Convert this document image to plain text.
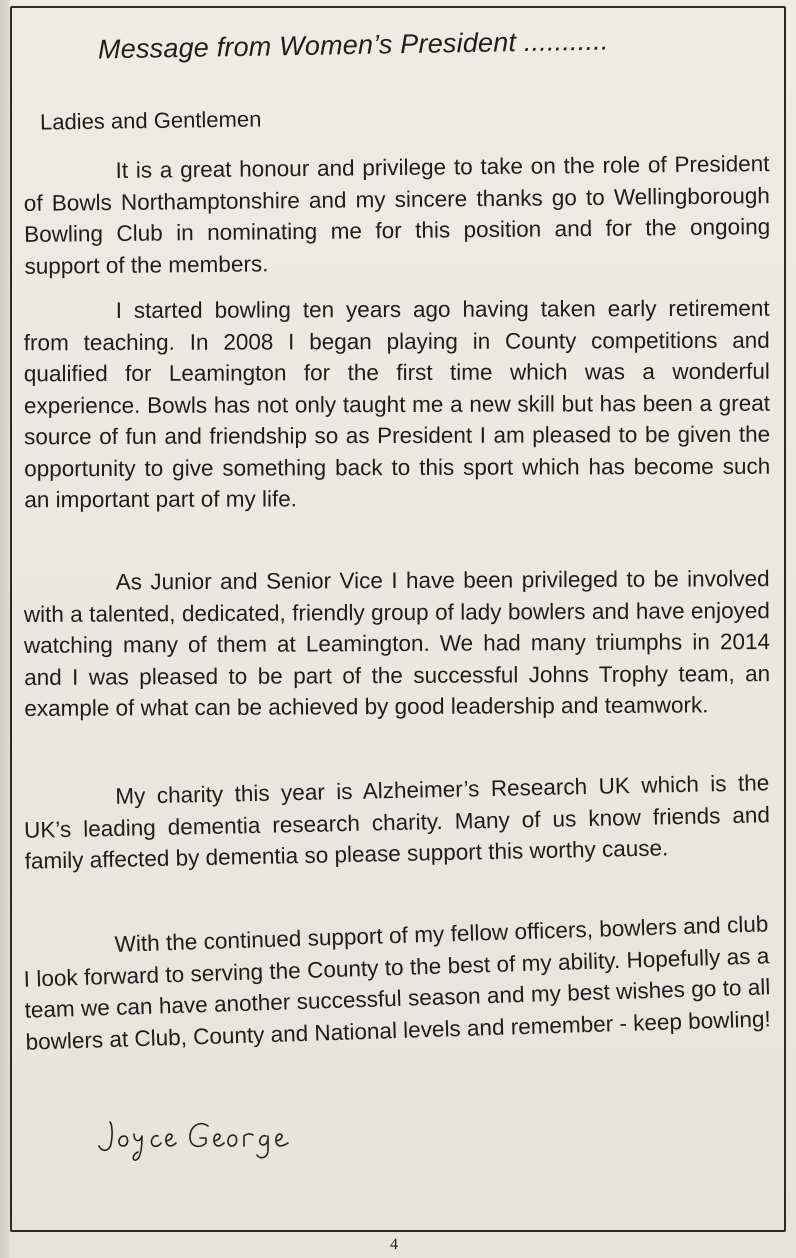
Message from Women’s President ...........
Ladies and Gentlemen

It is a great honour and privilege to take on the role of President of Bowls Northamptonshire and my sincere thanks go to Wellingborough Bowling Club in nominating me for this position and for the ongoing support of the members.

I started bowling ten years ago having taken early retirement from teaching. In 2008 I began playing in County competitions and qualified for Leamington for the first time which was a wonderful experience. Bowls has not only taught me a new skill but has been a great source of fun and friendship so as President I am pleased to be given the opportunity to give something back to this sport which has become such an important part of my life.

As Junior and Senior Vice I have been privileged to be involved with a talented, dedicated, friendly group of lady bowlers and have enjoyed watching many of them at Leamington. We had many triumphs in 2014 and I was pleased to be part of the successful Johns Trophy team, an example of what can be achieved by good leadership and teamwork.

My charity this year is Alzheimer’s Research UK which is the UK’s leading dementia research charity. Many of us know friends and family affected by dementia so please support this worthy cause.

With the continued support of my fellow officers, bowlers and club I look forward to serving the County to the best of my ability. Hopefully as a team we can have another successful season and my best wishes go to all bowlers at Club, County and National levels and remember - keep bowling!

Joyce George
4
